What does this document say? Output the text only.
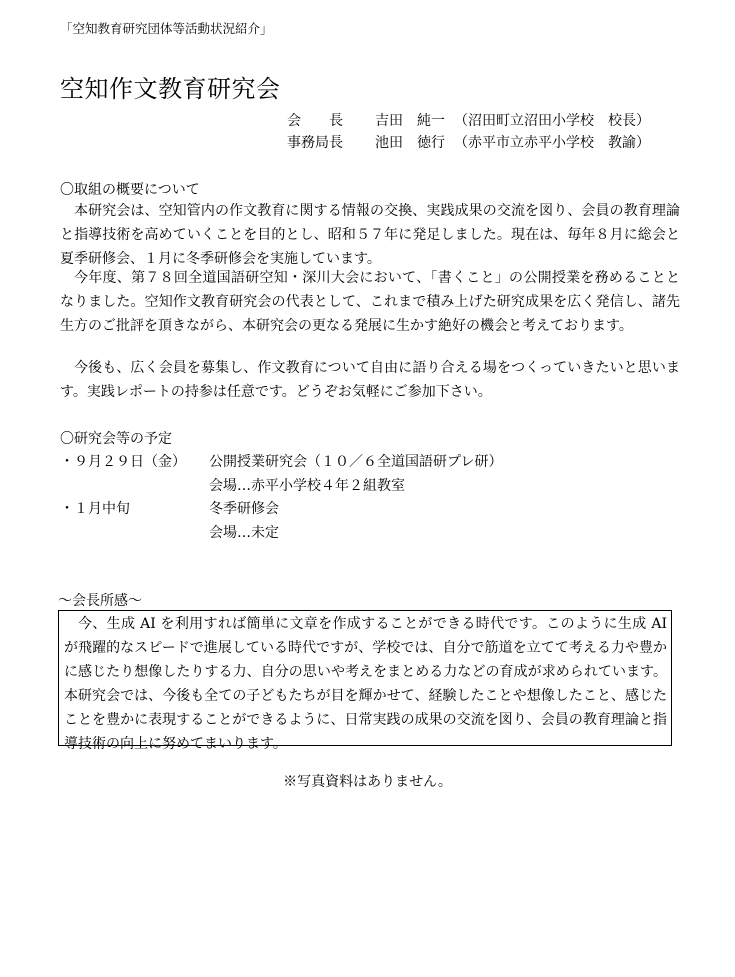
「空知教育研究団体等活動状況紹介」
空知作文教育研究会
会　　長 吉田　純一 （沼田町立沼田小学校　校長）
事務局長 池田　徳行 （赤平市立赤平小学校　教諭）
〇取組の概要について
本研究会は、空知管内の作文教育に関する情報の交換、実践成果の交流を図り、会員の教育理論と指導技術を高めていくことを目的とし、昭和５７年に発足しました。現在は、毎年８月に総会と夏季研修会、１月に冬季研修会を実施しています。
今年度、第７８回全道国語研空知・深川大会において、「書くこと」の公開授業を務めることとなりました。空知作文教育研究会の代表として、これまで積み上げた研究成果を広く発信し、諸先生方のご批評を頂きながら、本研究会の更なる発展に生かす絶好の機会と考えております。
今後も、広く会員を募集し、作文教育について自由に語り合える場をつくっていきたいと思います。実践レポートの持参は任意です。どうぞお気軽にご参加下さい。
〇研究会等の予定
・９月２９日（金） 公開授業研究会（１０／６全道国語研プレ研）
会場…赤平小学校４年２組教室
・１月中旬	冬季研修会
会場…未定
～会長所感～
今、生成 AI を利用すれば簡単に文章を作成することができる時代です。このように生成 AI が飛躍的なスピードで進展している時代ですが、学校では、自分で筋道を立てて考える力や豊かに感じたり想像したりする力、自分の思いや考えをまとめる力などの育成が求められています。本研究会では、今後も全ての子どもたちが目を輝かせて、経験したことや想像したこと、感じたことを豊かに表現することができるように、日常実践の成果の交流を図り、会員の教育理論と指導技術の向上に努めてまいります。
※写真資料はありません。
